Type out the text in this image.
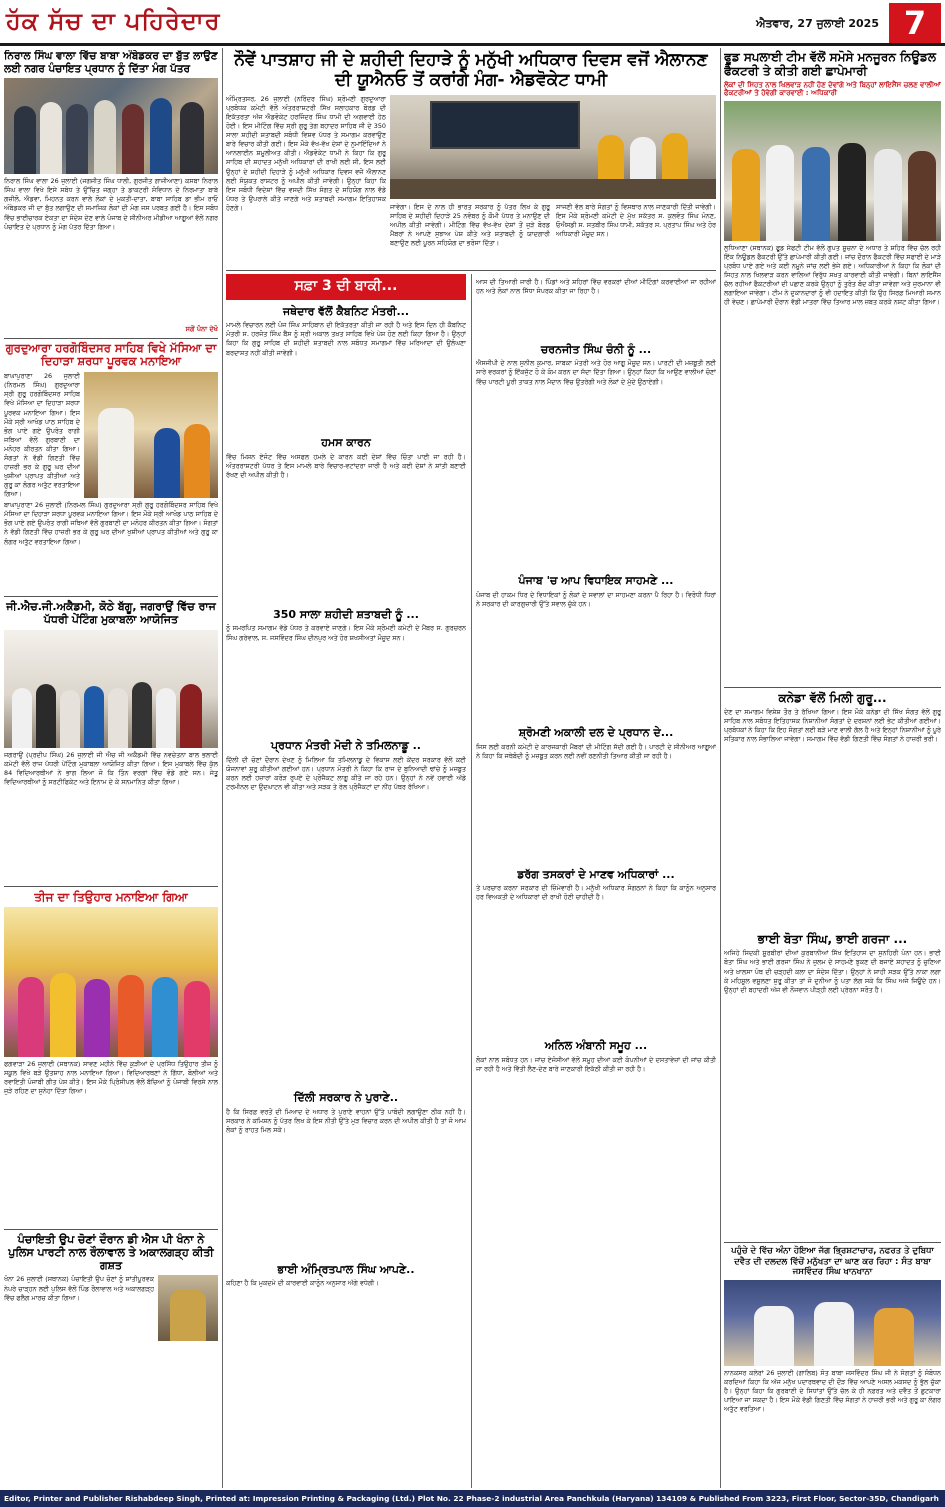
ਹੱਕ ਸੱਚ ਦਾ ਪਹਿਰੇਦਾਰ	ਐਤਵਾਰ, 27 ਜੁਲਾਈ 2025 7
ਨਿਰਾਲ ਸਿੰਘ ਵਾਲਾ ਵਿੱਚ ਬਾਬਾ ਅੰਬੇਡਕਰ ਦਾ ਬੁੱਤ ਲਾਉਣ ਲਈ ਨਗਰ ਪੰਚਾਇਤ ਪ੍ਰਧਾਨ ਨੂੰ ਦਿੱਤਾ ਮੰਗ ਪੱਤਰ
ਨਿਰਾਲ ਸਿੰਘ ਵਾਲਾ 26 ਜੁਲਾਈ (ਜਗਜੀਤ ਸਿੰਘ ਧਾਲੀ, ਗੁਰਜੀਤ ਗਾਜੀਆਣਾ) ਕਸਬਾ ਨਿਰਾਲ ਸਿੰਘ ਵਾਲਾ ਵਿਖੇ ਇਸੇ ਸਬੰਧ ਤੇ ਉੱਚਿਤ ਜਗ੍ਹਾ ਤੇ ਡਾਕਟਰੀ ਸੰਵਿਧਾਨ ਦੇ ਨਿਰਮਾਤਾ ਬਾਬੇ ਗਜ਼ੀਲੋ, ਐਡਵਾ, ਮਿਹਨਤ ਕਰਨ ਵਾਲੇ ਲੋਕਾਂ ਦੇ ਮੁਕਤੀ-ਦਾਤਾ, ਬਾਬਾ ਸਾਹਿਬ ਡਾ ਭੀਮ ਰਾਓ ਅੰਬੇਡਕਰ ਜੀ ਦਾ ਬੁੱਤ ਲਗਾਉਣ ਦੀ ਸਮਾਜਿਕ ਲੋਕਾਂ ਦੀ ਮੰਗ ਜਸ ਪਰਬਤ ਗਈ ਹੈ। ਇਸ ਸਬੰਧ ਵਿੱਚ ਭਾਈਚਾਰਕ ਏਕਤਾ ਦਾ ਸੰਦੇਸ਼ ਦੇਣ ਵਾਲੇ ਪੰਜਾਬ ਦੇ ਸੀਨੀਅਰ ਮੀਡੀਆ ਆਗੂਆਂ ਵੱਲੋਂ ਨਗਰ ਪੰਚਾਇਤ ਦੇ ਪ੍ਰਧਾਨ ਨੂੰ ਮੰਗ ਪੱਤਰ ਦਿੱਤਾ ਗਿਆ।
ਸਗੋਂ ਪੰਨਾ ਦੇਖੋ
ਗੁਰਦੁਆਰਾ ਹਰਗੋਬਿੰਦਸਰ ਸਾਹਿਬ ਵਿਖੇ ਮੱਸਿਆ ਦਾ ਦਿਹਾੜਾ ਸ਼ਰਧਾ ਪੂਰਵਕ ਮਨਾਇਆ
ਬਾਘਾਪੁਰਾਣਾ 26 ਜੁਲਾਈ (ਨਿਰਮਲ ਸਿੰਘ) ਗੁਰਦੁਆਰਾ ਸ੍ਰੀ ਗੁਰੂ ਹਰਗੋਬਿੰਦਸਰ ਸਾਹਿਬ ਵਿਖੇ ਮੱਸਿਆ ਦਾ ਦਿਹਾੜਾ ਸ਼ਰਧਾ ਪੂਰਵਕ ਮਨਾਇਆ ਗਿਆ। ਇਸ ਮੌਕੇ ਸ੍ਰੀ ਆਖੰਡ ਪਾਠ ਸਾਹਿਬ ਦੇ ਭੋਗ ਪਾਏ ਗਏ ਉਪਰੰਤ ਰਾਗੀ ਜਥਿਆਂ ਵੱਲੋਂ ਗੁਰਬਾਣੀ ਦਾ ਮਨੋਹਰ ਕੀਰਤਨ ਕੀਤਾ ਗਿਆ। ਸੰਗਤਾਂ ਨੇ ਵੱਡੀ ਗਿਣਤੀ ਵਿੱਚ ਹਾਜ਼ਰੀ ਭਰ ਕੇ ਗੁਰੂ ਘਰ ਦੀਆਂ ਖੁਸ਼ੀਆਂ ਪ੍ਰਾਪਤ ਕੀਤੀਆਂ ਅਤੇ ਗੁਰੂ ਕਾ ਲੰਗਰ ਅਤੁੱਟ ਵਰਤਾਇਆ ਗਿਆ।
ਬਾਘਾਪੁਰਾਣਾ 26 ਜੁਲਾਈ (ਨਿਰਮਲ ਸਿੰਘ) ਗੁਰਦੁਆਰਾ ਸ੍ਰੀ ਗੁਰੂ ਹਰਗੋਬਿੰਦਸਰ ਸਾਹਿਬ ਵਿਖੇ ਮੱਸਿਆ ਦਾ ਦਿਹਾੜਾ ਸ਼ਰਧਾ ਪੂਰਵਕ ਮਨਾਇਆ ਗਿਆ। ਇਸ ਮੌਕੇ ਸ੍ਰੀ ਆਖੰਡ ਪਾਠ ਸਾਹਿਬ ਦੇ ਭੋਗ ਪਾਏ ਗਏ ਉਪਰੰਤ ਰਾਗੀ ਜਥਿਆਂ ਵੱਲੋਂ ਗੁਰਬਾਣੀ ਦਾ ਮਨੋਹਰ ਕੀਰਤਨ ਕੀਤਾ ਗਿਆ। ਸੰਗਤਾਂ ਨੇ ਵੱਡੀ ਗਿਣਤੀ ਵਿੱਚ ਹਾਜ਼ਰੀ ਭਰ ਕੇ ਗੁਰੂ ਘਰ ਦੀਆਂ ਖੁਸ਼ੀਆਂ ਪ੍ਰਾਪਤ ਕੀਤੀਆਂ ਅਤੇ ਗੁਰੂ ਕਾ ਲੰਗਰ ਅਤੁੱਟ ਵਰਤਾਇਆ ਗਿਆ।
ਜੀ.ਐਚ.ਜੀ.ਅਕੈਡਮੀ, ਕੋਠੇ ਬੱਗੂ, ਜਗਰਾਉਂ ਵਿੱਚ ਰਾਜ ਪੱਧਰੀ ਪੇਂਟਿੰਗ ਮੁਕਾਬਲਾ ਆਯੋਜਿਤ
ਜਗਰਾਉਂ (ਪ੍ਰਦੀਪ ਸਿੰਘ) 26 ਜੁਲਾਈ ਜੀ ਐਚ ਜੀ ਅਕੈਡਮੀ ਵਿੱਚ ਨਵਚੇਤਨਾ ਬਾਲ ਭਲਾਈ ਕਮੇਟੀ ਵੱਲੋਂ ਰਾਜ ਪੱਧਰੀ ਪੇਂਟਿੰਗ ਮੁਕਾਬਲਾ ਆਯੋਜਿਤ ਕੀਤਾ ਗਿਆ। ਇਸ ਮੁਕਾਬਲੇ ਵਿੱਚ ਕੁੱਲ 84 ਵਿਦਿਆਰਥੀਆਂ ਨੇ ਭਾਗ ਲਿਆ ਜੋ ਕਿ ਤਿੰਨ ਵਰਗਾਂ ਵਿੱਚ ਵੰਡੇ ਗਏ ਸਨ। ਜੇਤੂ ਵਿਦਿਆਰਥੀਆਂ ਨੂੰ ਸਰਟੀਫਿਕੇਟ ਅਤੇ ਇਨਾਮ ਦੇ ਕੇ ਸਨਮਾਨਿਤ ਕੀਤਾ ਗਿਆ।
ਤੀਜ ਦਾ ਤਿਉਹਾਰ ਮਨਾਇਆ ਗਿਆ
ਫਗਵਾੜਾ 26 ਜੁਲਾਈ (ਸਥਾਨਕ) ਸਾਵਣ ਮਹੀਨੇ ਵਿੱਚ ਕੁੜੀਆਂ ਦੇ ਪ੍ਰਸਿੱਧ ਤਿਉਹਾਰ ਤੀਜ ਨੂੰ ਸਕੂਲ ਵਿਖੇ ਬੜੇ ਉਤਸ਼ਾਹ ਨਾਲ ਮਨਾਇਆ ਗਿਆ। ਵਿਦਿਆਰਥਣਾਂ ਨੇ ਗਿੱਧਾ, ਬੋਲੀਆਂ ਅਤੇ ਰਵਾਇਤੀ ਪੰਜਾਬੀ ਗੀਤ ਪੇਸ਼ ਕੀਤੇ। ਇਸ ਮੌਕੇ ਪ੍ਰਿੰਸੀਪਲ ਵੱਲੋਂ ਬੱਚਿਆਂ ਨੂੰ ਪੰਜਾਬੀ ਵਿਰਸੇ ਨਾਲ ਜੁੜੇ ਰਹਿਣ ਦਾ ਸੁਨੇਹਾ ਦਿੱਤਾ ਗਿਆ।
ਪੰਚਾਇਤੀ ਉਪ ਚੋਣਾਂ ਦੌਰਾਨ ਡੀ ਐਸ ਪੀ ਖੰਨਾ ਨੇ ਪੁਲਿਸ ਪਾਰਟੀ ਨਾਲ ਰੌਲਾਵਾਲ ਤੇ ਅਕਾਲਗੜ੍ਹ ਕੀਤੀ ਗਸ਼ਤ
ਖੰਨਾ 26 ਜੁਲਾਈ (ਸਥਾਨਕ) ਪੰਚਾਇਤੀ ਉਪ ਚੋਣਾਂ ਨੂੰ ਸ਼ਾਂਤੀਪੂਰਵਕ ਨੇਪਰੇ ਚਾੜ੍ਹਨ ਲਈ ਪੁਲਿਸ ਵੱਲੋਂ ਪਿੰਡ ਰੌਲਾਵਾਲ ਅਤੇ ਅਕਾਲਗੜ੍ਹ ਵਿੱਚ ਫਲੈਗ ਮਾਰਚ ਕੀਤਾ ਗਿਆ।
ਨੌਵੇਂ ਪਾਤਸ਼ਾਹ ਜੀ ਦੇ ਸ਼ਹੀਦੀ ਦਿਹਾੜੇ ਨੂੰ ਮਨੁੱਖੀ ਅਧਿਕਾਰ ਦਿਵਸ ਵਜੋਂ ਐਲਾਨਣ ਦੀ ਯੂਐਨਓ ਤੋਂ ਕਰਾਂਗੇ ਮੰਗ- ਐਡਵੋਕੇਟ ਧਾਮੀ
ਅੰਮ੍ਰਿਤਸਰ, 26 ਜੁਲਾਈ (ਨਰਿੰਦਰ ਸਿੰਘ) ਸ਼੍ਰੋਮਣੀ ਗੁਰਦੁਆਰਾ ਪ੍ਰਬੰਧਕ ਕਮੇਟੀ ਵੱਲੋਂ ਅੰਤਰਰਾਸ਼ਟਰੀ ਸਿੱਖ ਸਲਾਹਕਾਰ ਬੋਰਡ ਦੀ ਇਕੱਤਰਤਾ ਅੱਜ ਐਡਵੋਕੇਟ ਹਰਜਿੰਦਰ ਸਿੰਘ ਧਾਮੀ ਦੀ ਅਗਵਾਈ ਹੇਠ ਹੋਈ। ਇਸ ਮੀਟਿੰਗ ਵਿੱਚ ਸ੍ਰੀ ਗੁਰੂ ਤੇਗ ਬਹਾਦਰ ਸਾਹਿਬ ਜੀ ਦੇ 350 ਸਾਲਾ ਸ਼ਹੀਦੀ ਸ਼ਤਾਬਦੀ ਸਬੰਧੀ ਵਿਸ਼ਵ ਪੱਧਰ ਤੇ ਸਮਾਗਮ ਕਰਵਾਉਣ ਬਾਰੇ ਵਿਚਾਰ ਕੀਤੀ ਗਈ। ਇਸ ਮੌਕੇ ਵੱਖ-ਵੱਖ ਦੇਸ਼ਾਂ ਦੇ ਨੁਮਾਇੰਦਿਆਂ ਨੇ ਆਨਲਾਈਨ ਸ਼ਮੂਲੀਅਤ ਕੀਤੀ। ਐਡਵੋਕੇਟ ਧਾਮੀ ਨੇ ਕਿਹਾ ਕਿ ਗੁਰੂ ਸਾਹਿਬ ਦੀ ਸ਼ਹਾਦਤ ਮਨੁੱਖੀ ਅਧਿਕਾਰਾਂ ਦੀ ਰਾਖੀ ਲਈ ਸੀ, ਇਸ ਲਈ ਉਨ੍ਹਾਂ ਦੇ ਸ਼ਹੀਦੀ ਦਿਹਾੜੇ ਨੂੰ ਮਨੁੱਖੀ ਅਧਿਕਾਰ ਦਿਵਸ ਵਜੋਂ ਐਲਾਨਣ ਲਈ ਸੰਯੁਕਤ ਰਾਸ਼ਟਰ ਨੂੰ ਅਪੀਲ ਕੀਤੀ ਜਾਵੇਗੀ। ਉਨ੍ਹਾਂ ਕਿਹਾ ਕਿ ਇਸ ਸਬੰਧੀ ਵਿਦੇਸ਼ਾਂ ਵਿੱਚ ਵਸਦੀ ਸਿੱਖ ਸੰਗਤ ਦੇ ਸਹਿਯੋਗ ਨਾਲ ਵੱਡੇ ਪੱਧਰ ਤੇ ਉਪਰਾਲੇ ਕੀਤੇ ਜਾਣਗੇ ਅਤੇ ਸ਼ਤਾਬਦੀ ਸਮਾਗਮ ਇਤਿਹਾਸਕ ਹੋਣਗੇ।	ਜਾਵੇਗਾ। ਇਸ ਦੇ ਨਾਲ ਹੀ ਭਾਰਤ ਸਰਕਾਰ ਨੂੰ ਪੱਤਰ ਲਿਖ ਕੇ ਗੁਰੂ ਸਾਹਿਬ ਦੇ ਸ਼ਹੀਦੀ ਦਿਹਾੜੇ 25 ਨਵੰਬਰ ਨੂੰ ਕੌਮੀ ਪੱਧਰ ਤੇ ਮਨਾਉਣ ਦੀ ਅਪੀਲ ਕੀਤੀ ਜਾਵੇਗੀ। ਮੀਟਿੰਗ ਵਿੱਚ ਵੱਖ-ਵੱਖ ਦੇਸ਼ਾਂ ਤੋਂ ਜੁੜੇ ਬੋਰਡ ਮੈਂਬਰਾਂ ਨੇ ਆਪਣੇ ਸੁਝਾਅ ਪੇਸ਼ ਕੀਤੇ ਅਤੇ ਸ਼ਤਾਬਦੀ ਨੂੰ ਯਾਦਗਾਰੀ ਬਣਾਉਣ ਲਈ ਪੂਰਨ ਸਹਿਯੋਗ ਦਾ ਭਰੋਸਾ ਦਿੱਤਾ।
ਸਾਜਣੀ ਵੱਲ ਬਾਰੇ ਸੰਗਤਾਂ ਨੂੰ ਵਿਸਥਾਰ ਨਾਲ ਜਾਣਕਾਰੀ ਦਿੱਤੀ ਜਾਵੇਗੀ। ਇਸ ਮੌਕੇ ਸ਼੍ਰੋਮਣੀ ਕਮੇਟੀ ਦੇ ਮੁੱਖ ਸਕੱਤਰ ਸ. ਕੁਲਵੰਤ ਸਿੰਘ ਮੰਨਣ, ਓਐਸਡੀ ਸ. ਸਤਬੀਰ ਸਿੰਘ ਧਾਮੀ, ਸਕੱਤਰ ਸ. ਪ੍ਰਤਾਪ ਸਿੰਘ ਅਤੇ ਹੋਰ ਅਧਿਕਾਰੀ ਮੌਜੂਦ ਸਨ।
ਸਫ਼ਾ 3 ਦੀ ਬਾਕੀ...
ਜਥੇਦਾਰ ਵੱਲੋਂ ਕੈਬਨਿਟ ਮੰਤਰੀ...
ਮਾਮਲੇ ਵਿਚਾਰਨ ਲਈ ਪੰਜ ਸਿੰਘ ਸਾਹਿਬਾਨ ਦੀ ਇਕੱਤਰਤਾ ਕੀਤੀ ਜਾ ਰਹੀ ਹੈ ਅਤੇ ਇਸ ਦਿਨ ਹੀ ਕੈਬਨਿਟ ਮੰਤਰੀ ਸ. ਹਰਜੋਤ ਸਿੰਘ ਬੈਂਸ ਨੂੰ ਸ੍ਰੀ ਅਕਾਲ ਤਖ਼ਤ ਸਾਹਿਬ ਵਿਖੇ ਪੇਸ਼ ਹੋਣ ਲਈ ਕਿਹਾ ਗਿਆ ਹੈ। ਉਨ੍ਹਾਂ ਕਿਹਾ ਕਿ ਗੁਰੂ ਸਾਹਿਬ ਦੀ ਸ਼ਹੀਦੀ ਸ਼ਤਾਬਦੀ ਨਾਲ ਸਬੰਧਤ ਸਮਾਗਮਾਂ ਵਿੱਚ ਮਰਿਆਦਾ ਦੀ ਉਲੰਘਣਾ ਬਰਦਾਸ਼ਤ ਨਹੀਂ ਕੀਤੀ ਜਾਵੇਗੀ।
ਹਮਸ ਕਾਰਨ
ਵਿੱਚ ਮਿਸ਼ਨ ਏਜੰਟ ਵਿੱਚ ਅਸਫਲ ਹਮਲੇ ਦੇ ਕਾਰਨ ਕਈ ਦੇਸ਼ਾਂ ਵਿੱਚ ਚਿੰਤਾ ਪਾਈ ਜਾ ਰਹੀ ਹੈ। ਅੰਤਰਰਾਸ਼ਟਰੀ ਪੱਧਰ ਤੇ ਇਸ ਮਾਮਲੇ ਬਾਰੇ ਵਿਚਾਰ-ਵਟਾਂਦਰਾ ਜਾਰੀ ਹੈ ਅਤੇ ਕਈ ਦੇਸ਼ਾਂ ਨੇ ਸ਼ਾਂਤੀ ਬਣਾਈ ਰੱਖਣ ਦੀ ਅਪੀਲ ਕੀਤੀ ਹੈ।
350 ਸਾਲਾ ਸ਼ਹੀਦੀ ਸ਼ਤਾਬਦੀ ਨੂੰ ...
ਨੂੰ ਸਮਰਪਿਤ ਸਮਾਗਮ ਵੱਡੇ ਪੱਧਰ ਤੇ ਕਰਵਾਏ ਜਾਣਗੇ। ਇਸ ਮੌਕੇ ਸ਼੍ਰੋਮਣੀ ਕਮੇਟੀ ਦੇ ਮੈਂਬਰ ਸ. ਗੁਰਚਰਨ ਸਿੰਘ ਗਰੇਵਾਲ, ਸ. ਜਸਵਿੰਦਰ ਸਿੰਘ ਦੀਨਪੁਰ ਅਤੇ ਹੋਰ ਸ਼ਖਸੀਅਤਾਂ ਮੌਜੂਦ ਸਨ।
ਪ੍ਰਧਾਨ ਮੰਤਰੀ ਮੋਦੀ ਨੇ ਤਮਿਲਨਾਡੂ ..
ਦਿੱਲੀ ਦੀ ਚੋਣਾਂ ਦੌਰਾਨ ਦੇਖਣ ਨੂੰ ਮਿਲਿਆ ਕਿ ਤਮਿਲਨਾਡੂ ਦੇ ਵਿਕਾਸ ਲਈ ਕੇਂਦਰ ਸਰਕਾਰ ਵੱਲੋਂ ਕਈ ਯੋਜਨਾਵਾਂ ਸ਼ੁਰੂ ਕੀਤੀਆਂ ਗਈਆਂ ਹਨ। ਪ੍ਰਧਾਨ ਮੰਤਰੀ ਨੇ ਕਿਹਾ ਕਿ ਰਾਜ ਦੇ ਬੁਨਿਆਦੀ ਢਾਂਚੇ ਨੂੰ ਮਜ਼ਬੂਤ ਕਰਨ ਲਈ ਹਜ਼ਾਰਾਂ ਕਰੋੜ ਰੁਪਏ ਦੇ ਪ੍ਰੋਜੈਕਟ ਲਾਗੂ ਕੀਤੇ ਜਾ ਰਹੇ ਹਨ। ਉਨ੍ਹਾਂ ਨੇ ਨਵੇਂ ਹਵਾਈ ਅੱਡੇ ਟਰਮੀਨਲ ਦਾ ਉਦਘਾਟਨ ਵੀ ਕੀਤਾ ਅਤੇ ਸੜਕ ਤੇ ਰੇਲ ਪ੍ਰੋਜੈਕਟਾਂ ਦਾ ਨੀਂਹ ਪੱਥਰ ਰੱਖਿਆ।
ਦਿੱਲੀ ਸਰਕਾਰ ਨੇ ਪੁਰਾਣੇ..
ਹੈ ਕਿ ਸਿਰਫ਼ ਵਰਤੋਂ ਦੀ ਮਿਆਦ ਦੇ ਅਧਾਰ ਤੇ ਪੁਰਾਣੇ ਵਾਹਨਾਂ ਉੱਤੇ ਪਾਬੰਦੀ ਲਗਾਉਣਾ ਠੀਕ ਨਹੀਂ ਹੈ। ਸਰਕਾਰ ਨੇ ਕਮਿਸ਼ਨ ਨੂੰ ਪੱਤਰ ਲਿਖ ਕੇ ਇਸ ਨੀਤੀ ਉੱਤੇ ਮੁੜ ਵਿਚਾਰ ਕਰਨ ਦੀ ਅਪੀਲ ਕੀਤੀ ਹੈ ਤਾਂ ਜੋ ਆਮ ਲੋਕਾਂ ਨੂੰ ਰਾਹਤ ਮਿਲ ਸਕੇ।
ਭਾਈ ਅੰਮ੍ਰਿਤਪਾਲ ਸਿੰਘ ਆਪਣੇ..
ਕਹਿਣਾ ਹੈ ਕਿ ਮੁਕਦਮੇ ਦੀ ਕਾਰਵਾਈ ਕਾਨੂੰਨ ਅਨੁਸਾਰ ਅੱਗੇ ਵਧੇਗੀ।
ਆਸ ਦੀ ਤਿਆਰੀ ਜਾਰੀ ਹੈ। ਪਿੰਡਾਂ ਅਤੇ ਸ਼ਹਿਰਾਂ ਵਿੱਚ ਵਰਕਰਾਂ ਦੀਆਂ ਮੀਟਿੰਗਾਂ ਕਰਵਾਈਆਂ ਜਾ ਰਹੀਆਂ ਹਨ ਅਤੇ ਲੋਕਾਂ ਨਾਲ ਸਿੱਧਾ ਸੰਪਰਕ ਕੀਤਾ ਜਾ ਰਿਹਾ ਹੈ।
ਚਰਨਜੀਤ ਸਿੰਘ ਚੰਨੀ ਨੂੰ ...
ਐਸਜੀਪੀ ਦੇ ਨਾਲ ਸੁਨੀਲ ਕੁਮਾਰ, ਸਾਬਕਾ ਮੰਤਰੀ ਅਤੇ ਹੋਰ ਆਗੂ ਮੌਜੂਦ ਸਨ। ਪਾਰਟੀ ਦੀ ਮਜ਼ਬੂਤੀ ਲਈ ਸਾਰੇ ਵਰਕਰਾਂ ਨੂੰ ਇੱਕਜੁੱਟ ਹੋ ਕੇ ਕੰਮ ਕਰਨ ਦਾ ਸੱਦਾ ਦਿੱਤਾ ਗਿਆ। ਉਨ੍ਹਾਂ ਕਿਹਾ ਕਿ ਆਉਣ ਵਾਲੀਆਂ ਚੋਣਾਂ ਵਿੱਚ ਪਾਰਟੀ ਪੂਰੀ ਤਾਕਤ ਨਾਲ ਮੈਦਾਨ ਵਿੱਚ ਉਤਰੇਗੀ ਅਤੇ ਲੋਕਾਂ ਦੇ ਮੁੱਦੇ ਉਠਾਏਗੀ।
ਪੰਜਾਬ 'ਚ ਆਪ ਵਿਧਾਇਕ ਸਾਹਮਣੇ ...
ਪੰਜਾਬ ਦੀ ਹਾਕਮ ਧਿਰ ਦੇ ਵਿਧਾਇਕਾਂ ਨੂੰ ਲੋਕਾਂ ਦੇ ਸਵਾਲਾਂ ਦਾ ਸਾਹਮਣਾ ਕਰਨਾ ਪੈ ਰਿਹਾ ਹੈ। ਵਿਰੋਧੀ ਧਿਰਾਂ ਨੇ ਸਰਕਾਰ ਦੀ ਕਾਰਗੁਜ਼ਾਰੀ ਉੱਤੇ ਸਵਾਲ ਚੁੱਕੇ ਹਨ।
ਸ਼੍ਰੋਮਣੀ ਅਕਾਲੀ ਦਲ ਦੇ ਪ੍ਰਧਾਨ ਦੇ...
ਜਿਸ ਲਈ ਕਰਨੀ ਕਮੇਟੀ ਦੇ ਕਾਰਜਕਾਰੀ ਮੈਂਬਰਾਂ ਦੀ ਮੀਟਿੰਗ ਸੱਦੀ ਗਈ ਹੈ। ਪਾਰਟੀ ਦੇ ਸੀਨੀਅਰ ਆਗੂਆਂ ਨੇ ਕਿਹਾ ਕਿ ਜਥੇਬੰਦੀ ਨੂੰ ਮਜ਼ਬੂਤ ਕਰਨ ਲਈ ਨਵੀਂ ਰਣਨੀਤੀ ਤਿਆਰ ਕੀਤੀ ਜਾ ਰਹੀ ਹੈ।
ਡਰੱਗ ਤਸਕਰਾਂ ਦੇ ਮਾਣਵ ਅਧਿਕਾਰਾਂ ...
ਤੇ ਪਰਚਾਰ ਕਰਨਾ ਸਰਕਾਰ ਦੀ ਜ਼ਿੰਮੇਵਾਰੀ ਹੈ। ਮਨੁੱਖੀ ਅਧਿਕਾਰ ਸੰਗਠਨਾਂ ਨੇ ਕਿਹਾ ਕਿ ਕਾਨੂੰਨ ਅਨੁਸਾਰ ਹਰ ਵਿਅਕਤੀ ਦੇ ਅਧਿਕਾਰਾਂ ਦੀ ਰਾਖੀ ਹੋਣੀ ਚਾਹੀਦੀ ਹੈ।
ਅਨਿਲ ਅੰਬਾਨੀ ਸਮੂਹ ...
ਲੋਕਾਂ ਨਾਲ ਸਬੰਧਤ ਹਨ। ਜਾਂਚ ਏਜੰਸੀਆਂ ਵੱਲੋਂ ਸਮੂਹ ਦੀਆਂ ਕਈ ਕੰਪਨੀਆਂ ਦੇ ਦਸਤਾਵੇਜ਼ਾਂ ਦੀ ਜਾਂਚ ਕੀਤੀ ਜਾ ਰਹੀ ਹੈ ਅਤੇ ਵਿੱਤੀ ਲੈਣ-ਦੇਣ ਬਾਰੇ ਜਾਣਕਾਰੀ ਇਕੱਠੀ ਕੀਤੀ ਜਾ ਰਹੀ ਹੈ।
ਫੂਡ ਸਪਲਾਈ ਟੀਮ ਵੱਲੋਂ ਸਮੋਸੇ ਮਨਜੂਰਨ ਨਿਊਡਲ ਫੈਕਟਰੀ ਤੇ ਕੀਤੀ ਗਈ ਛਾਪੇਮਾਰੀ
ਲੋਕਾਂ ਦੀ ਸਿਹਤ ਨਾਲ ਖਿਲਵਾੜ ਨਹੀਂ ਹੋਣ ਦੇਵਾਂਗੇ ਅਤੇ ਬਿਨ੍ਹਾਂ ਲਾਇਸੈਂਸ ਚਲਣ ਵਾਲੀਆਂ ਫੈਕਟਰੀਆਂ ਤੇ ਹੋਵੇਗੀ ਕਾਰਵਾਈ : ਅਧਿਕਾਰੀ
ਲੁਧਿਆਣਾ (ਸਥਾਨਕ) ਫੂਡ ਸੇਫਟੀ ਟੀਮ ਵੱਲੋਂ ਗੁਪਤ ਸੂਚਨਾ ਦੇ ਅਧਾਰ ਤੇ ਸ਼ਹਿਰ ਵਿੱਚ ਚੱਲ ਰਹੀ ਇੱਕ ਨਿਊਡਲ ਫੈਕਟਰੀ ਉੱਤੇ ਛਾਪੇਮਾਰੀ ਕੀਤੀ ਗਈ। ਜਾਂਚ ਦੌਰਾਨ ਫੈਕਟਰੀ ਵਿੱਚ ਸਫਾਈ ਦੇ ਮਾੜੇ ਪ੍ਰਬੰਧ ਪਾਏ ਗਏ ਅਤੇ ਕਈ ਨਮੂਨੇ ਜਾਂਚ ਲਈ ਭੇਜੇ ਗਏ। ਅਧਿਕਾਰੀਆਂ ਨੇ ਕਿਹਾ ਕਿ ਲੋਕਾਂ ਦੀ ਸਿਹਤ ਨਾਲ ਖਿਲਵਾੜ ਕਰਨ ਵਾਲਿਆਂ ਵਿਰੁੱਧ ਸਖ਼ਤ ਕਾਰਵਾਈ ਕੀਤੀ ਜਾਵੇਗੀ। ਬਿਨਾਂ ਲਾਇਸੈਂਸ ਚੱਲ ਰਹੀਆਂ ਫੈਕਟਰੀਆਂ ਦੀ ਪਛਾਣ ਕਰਕੇ ਉਨ੍ਹਾਂ ਨੂੰ ਤੁਰੰਤ ਬੰਦ ਕੀਤਾ ਜਾਵੇਗਾ ਅਤੇ ਜੁਰਮਾਨਾ ਵੀ ਲਗਾਇਆ ਜਾਵੇਗਾ। ਟੀਮ ਨੇ ਦੁਕਾਨਦਾਰਾਂ ਨੂੰ ਵੀ ਹਦਾਇਤ ਕੀਤੀ ਕਿ ਉਹ ਸਿਰਫ਼ ਮਿਆਰੀ ਸਮਾਨ ਹੀ ਵੇਚਣ। ਛਾਪੇਮਾਰੀ ਦੌਰਾਨ ਵੱਡੀ ਮਾਤਰਾ ਵਿੱਚ ਤਿਆਰ ਮਾਲ ਜ਼ਬਤ ਕਰਕੇ ਨਸ਼ਟ ਕੀਤਾ ਗਿਆ।
ਕਨੇਡਾ ਵੱਲੋਂ ਮਿਲੀ ਗੁਰੂ...
ਦੇਣ ਦਾ ਸਮਾਗਮ ਵਿਸ਼ੇਸ਼ ਤੌਰ ਤੇ ਰੱਖਿਆ ਗਿਆ। ਇਸ ਮੌਕੇ ਕਨੇਡਾ ਦੀ ਸਿੱਖ ਸੰਗਤ ਵੱਲੋਂ ਗੁਰੂ ਸਾਹਿਬ ਨਾਲ ਸਬੰਧਤ ਇਤਿਹਾਸਕ ਨਿਸ਼ਾਨੀਆਂ ਸੰਗਤਾਂ ਦੇ ਦਰਸ਼ਨਾਂ ਲਈ ਭੇਟ ਕੀਤੀਆਂ ਗਈਆਂ। ਪ੍ਰਬੰਧਕਾਂ ਨੇ ਕਿਹਾ ਕਿ ਇਹ ਸੰਗਤਾਂ ਲਈ ਬੜੇ ਮਾਣ ਵਾਲੀ ਗੱਲ ਹੈ ਅਤੇ ਇਨ੍ਹਾਂ ਨਿਸ਼ਾਨੀਆਂ ਨੂੰ ਪੂਰੇ ਸਤਿਕਾਰ ਨਾਲ ਸੰਭਾਲਿਆ ਜਾਵੇਗਾ। ਸਮਾਗਮ ਵਿੱਚ ਵੱਡੀ ਗਿਣਤੀ ਵਿੱਚ ਸੰਗਤਾਂ ਨੇ ਹਾਜ਼ਰੀ ਭਰੀ।
ਭਾਈ ਬੋਤਾ ਸਿੰਘ, ਭਾਈ ਗਰਜਾ ...
ਅਜਿਹੇ ਸਿਦਕੀ ਸੂਰਬੀਰਾਂ ਦੀਆਂ ਕੁਰਬਾਨੀਆਂ ਸਿੱਖ ਇਤਿਹਾਸ ਦਾ ਸੁਨਹਿਰੀ ਪੰਨਾ ਹਨ। ਭਾਈ ਬੋਤਾ ਸਿੰਘ ਅਤੇ ਭਾਈ ਗਰਜਾ ਸਿੰਘ ਨੇ ਜ਼ੁਲਮ ਦੇ ਸਾਹਮਣੇ ਝੁਕਣ ਦੀ ਬਜਾਏ ਸ਼ਹਾਦਤ ਨੂੰ ਚੁਣਿਆ ਅਤੇ ਖ਼ਾਲਸਾ ਪੰਥ ਦੀ ਚੜ੍ਹਦੀ ਕਲਾ ਦਾ ਸੰਦੇਸ਼ ਦਿੱਤਾ। ਉਨ੍ਹਾਂ ਨੇ ਸ਼ਾਹੀ ਸੜਕ ਉੱਤੇ ਨਾਕਾ ਲਗਾ ਕੇ ਮਹਿਸੂਲ ਵਸੂਲਣਾ ਸ਼ੁਰੂ ਕੀਤਾ ਤਾਂ ਜੋ ਦੁਨੀਆ ਨੂੰ ਪਤਾ ਲੱਗ ਸਕੇ ਕਿ ਸਿੰਘ ਅਜੇ ਜਿਊਂਦੇ ਹਨ। ਉਨ੍ਹਾਂ ਦੀ ਬਹਾਦਰੀ ਅੱਜ ਵੀ ਨੌਜਵਾਨ ਪੀੜ੍ਹੀ ਲਈ ਪ੍ਰੇਰਨਾ ਸਰੋਤ ਹੈ।
ਪਹੁੰਚੇ ਦੇ ਵਿੱਚ ਅੰਨਾ ਹੋਇਆ ਜੱਗ ਭ੍ਰਿਸ਼ਟਾਚਾਰ, ਨਫਰਤ ਤੇ ਦੁਬਿਧਾ ਦਵੈਤ ਦੀ ਦਲਦਲ ਵਿੱਚੋਂ ਮਨੁੱਖਤਾ ਦਾ ਘਾਣ ਕਰ ਰਿਹਾ : ਸੰਤ ਬਾਬਾ ਜਸਵਿੰਦਰ ਸਿੰਘ ਖਾਨਖਾਨਾ
ਨਾਨਕਸਰ ਕਲੇਰਾਂ 26 ਜੁਲਾਈ (ਗਾਲਿਬ) ਸੰਤ ਬਾਬਾ ਜਸਵਿੰਦਰ ਸਿੰਘ ਜੀ ਨੇ ਸੰਗਤਾਂ ਨੂੰ ਸੰਬੋਧਨ ਕਰਦਿਆਂ ਕਿਹਾ ਕਿ ਅੱਜ ਮਨੁੱਖ ਪਦਾਰਥਵਾਦ ਦੀ ਦੌੜ ਵਿੱਚ ਆਪਣੇ ਅਸਲ ਮਕਸਦ ਨੂੰ ਭੁੱਲ ਚੁੱਕਾ ਹੈ। ਉਨ੍ਹਾਂ ਕਿਹਾ ਕਿ ਗੁਰਬਾਣੀ ਦੇ ਸਿਧਾਂਤਾਂ ਉੱਤੇ ਚੱਲ ਕੇ ਹੀ ਨਫ਼ਰਤ ਅਤੇ ਦਵੈਤ ਤੋਂ ਛੁਟਕਾਰਾ ਪਾਇਆ ਜਾ ਸਕਦਾ ਹੈ। ਇਸ ਮੌਕੇ ਵੱਡੀ ਗਿਣਤੀ ਵਿੱਚ ਸੰਗਤਾਂ ਨੇ ਹਾਜ਼ਰੀ ਭਰੀ ਅਤੇ ਗੁਰੂ ਕਾ ਲੰਗਰ ਅਤੁੱਟ ਵਰਤਿਆ।
Editor, Printer and Publisher Rishabdeep Singh, Printed at: Impression Printing & Packaging (Ltd.) Plot No. 22 Phase-2 industrial Area Panchkula (Haryana) 134109 & Published From 3223, First Floor, Sector-35D, Chandigarh
